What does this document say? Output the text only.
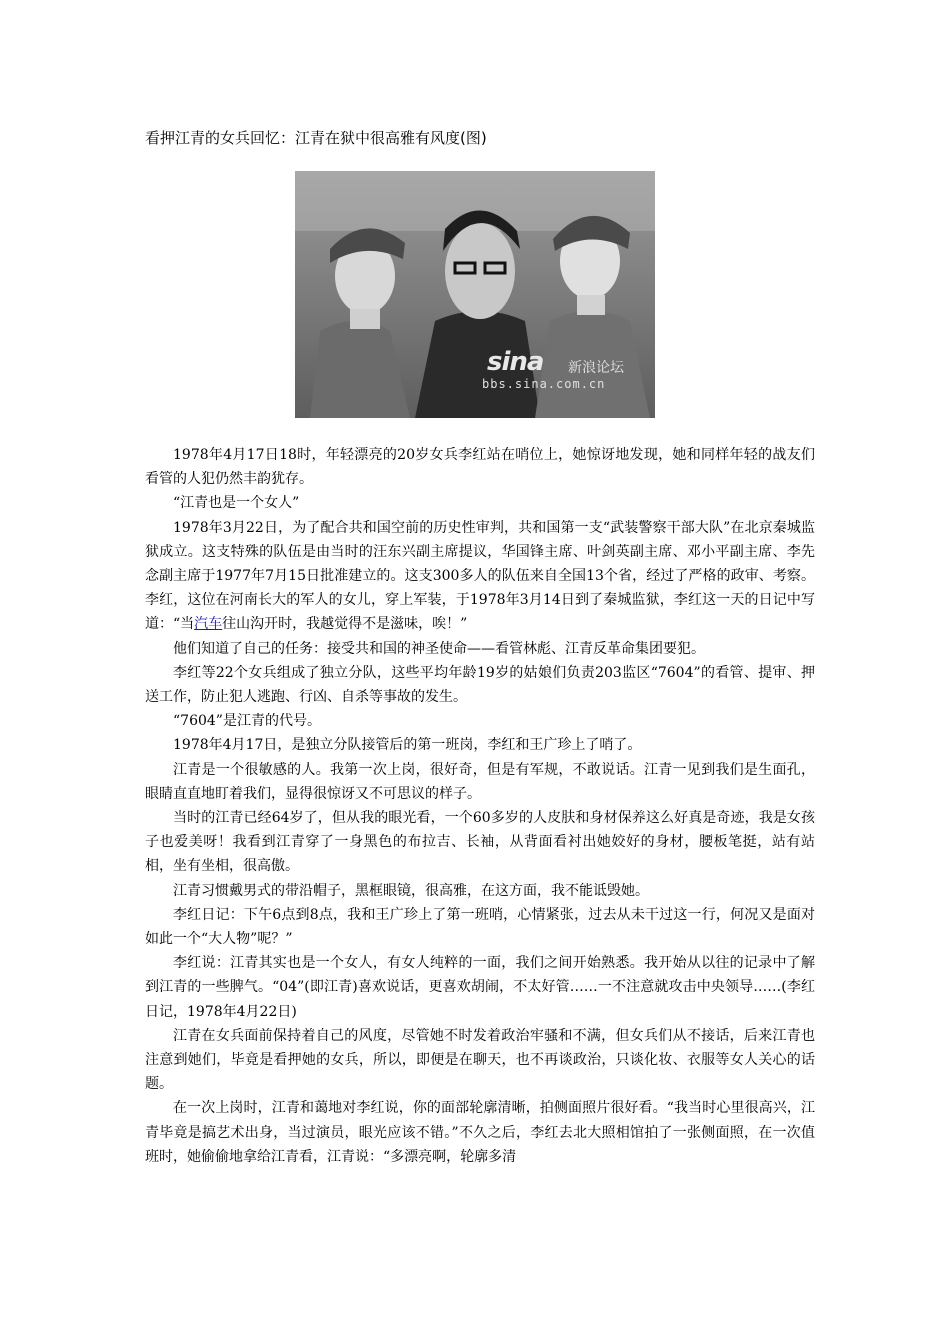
看押江青的女兵回忆：江青在狱中很高雅有风度(图)
sina 新浪论坛
bbs.sina.com.cn

1978年4月17日18时，年轻漂亮的20岁女兵李红站在哨位上，她惊讶地发现，她和同样年轻的战友们看管的人犯仍然丰韵犹存。

“江青也是一个女人”

1978年3月22日，为了配合共和国空前的历史性审判，共和国第一支“武装警察干部大队”在北京秦城监狱成立。这支特殊的队伍是由当时的汪东兴副主席提议，华国锋主席、叶剑英副主席、邓小平副主席、李先念副主席于1977年7月15日批准建立的。这支300多人的队伍来自全国13个省，经过了严格的政审、考察。李红，这位在河南长大的军人的女儿，穿上军装，于1978年3月14日到了秦城监狱，李红这一天的日记中写道：“当汽车往山沟开时，我越觉得不是滋味，唉！”

他们知道了自己的任务：接受共和国的神圣使命——看管林彪、江青反革命集团要犯。

李红等22个女兵组成了独立分队，这些平均年龄19岁的姑娘们负责203监区“7604”的看管、提审、押送工作，防止犯人逃跑、行凶、自杀等事故的发生。

“7604”是江青的代号。

1978年4月17日，是独立分队接管后的第一班岗，李红和王广珍上了哨了。

江青是一个很敏感的人。我第一次上岗，很好奇，但是有军规，不敢说话。江青一见到我们是生面孔，眼睛直直地盯着我们，显得很惊讶又不可思议的样子。

当时的江青已经64岁了，但从我的眼光看，一个60多岁的人皮肤和身材保养这么好真是奇迹，我是女孩子也爱美呀！我看到江青穿了一身黑色的布拉吉、长袖，从背面看衬出她姣好的身材，腰板笔挺，站有站相，坐有坐相，很高傲。

江青习惯戴男式的带沿帽子，黑框眼镜，很高雅，在这方面，我不能诋毁她。

李红日记：下午6点到8点，我和王广珍上了第一班哨，心情紧张，过去从未干过这一行，何况又是面对如此一个“大人物”呢？”

李红说：江青其实也是一个女人，有女人纯粹的一面，我们之间开始熟悉。我开始从以往的记录中了解到江青的一些脾气。“04”(即江青)喜欢说话，更喜欢胡闹，不太好管……一不注意就攻击中央领导……(李红日记，1978年4月22日)

江青在女兵面前保持着自己的风度，尽管她不时发着政治牢骚和不满，但女兵们从不接话，后来江青也注意到她们，毕竟是看押她的女兵，所以，即便是在聊天，也不再谈政治，只谈化妆、衣服等女人关心的话题。

在一次上岗时，江青和蔼地对李红说，你的面部轮廓清晰，拍侧面照片很好看。“我当时心里很高兴，江青毕竟是搞艺术出身，当过演员，眼光应该不错。”不久之后，李红去北大照相馆拍了一张侧面照，在一次值班时，她偷偷地拿给江青看，江青说：“多漂亮啊，轮廓多清
